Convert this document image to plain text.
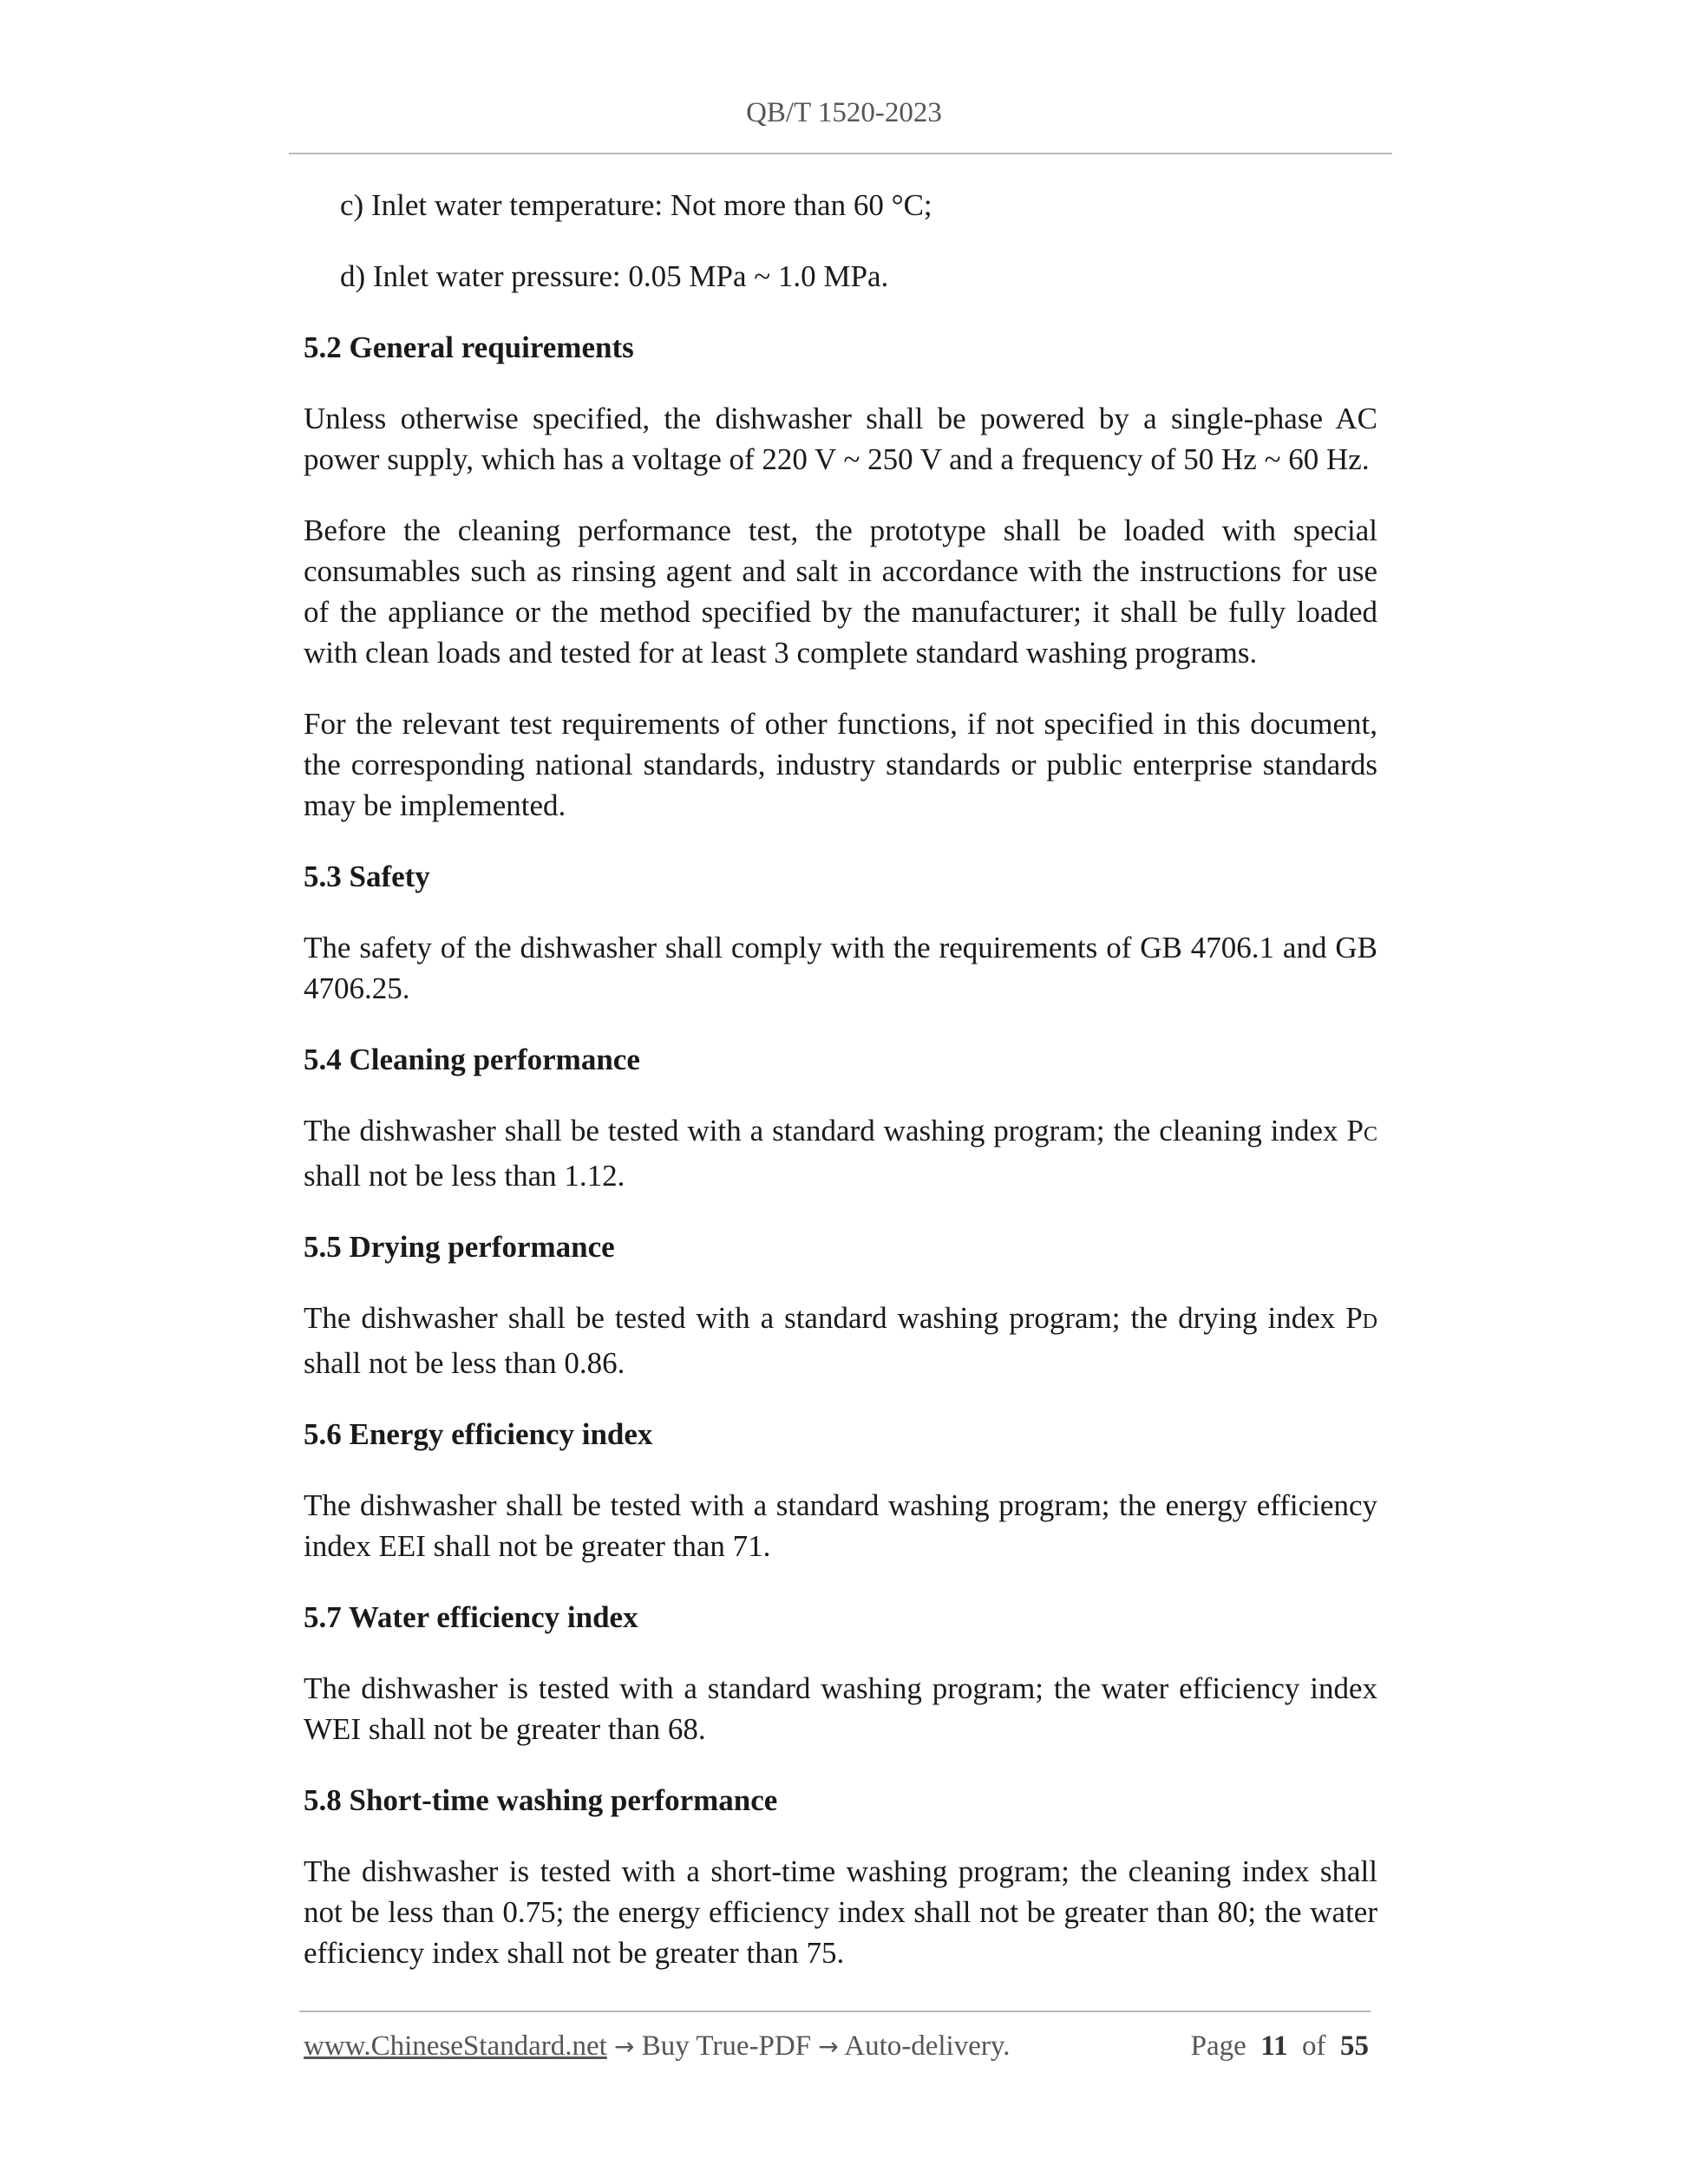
QB/T 1520-2023

c) Inlet water temperature: Not more than 60 °C;

d) Inlet water pressure: 0.05 MPa ~ 1.0 MPa.

5.2 General requirements

Unless otherwise specified, the dishwasher shall be powered by a single-phase AC power supply, which has a voltage of 220 V ~ 250 V and a frequency of 50 Hz ~ 60 Hz.

Before the cleaning performance test, the prototype shall be loaded with special consumables such as rinsing agent and salt in accordance with the instructions for use of the appliance or the method specified by the manufacturer; it shall be fully loaded with clean loads and tested for at least 3 complete standard washing programs.

For the relevant test requirements of other functions, if not specified in this document, the corresponding national standards, industry standards or public enterprise standards may be implemented.

5.3 Safety

The safety of the dishwasher shall comply with the requirements of GB 4706.1 and GB 4706.25.

5.4 Cleaning performance

The dishwasher shall be tested with a standard washing program; the cleaning index PC shall not be less than 1.12.

5.5 Drying performance

The dishwasher shall be tested with a standard washing program; the drying index PD shall not be less than 0.86.

5.6 Energy efficiency index

The dishwasher shall be tested with a standard washing program; the energy efficiency index EEI shall not be greater than 71.

5.7 Water efficiency index

The dishwasher is tested with a standard washing program; the water efficiency index WEI shall not be greater than 68.

5.8 Short-time washing performance

The dishwasher is tested with a short-time washing program; the cleaning index shall not be less than 0.75; the energy efficiency index shall not be greater than 80; the water efficiency index shall not be greater than 75.

www.ChineseStandard.net → Buy True-PDF → Auto-delivery.	Page 11 of 55
